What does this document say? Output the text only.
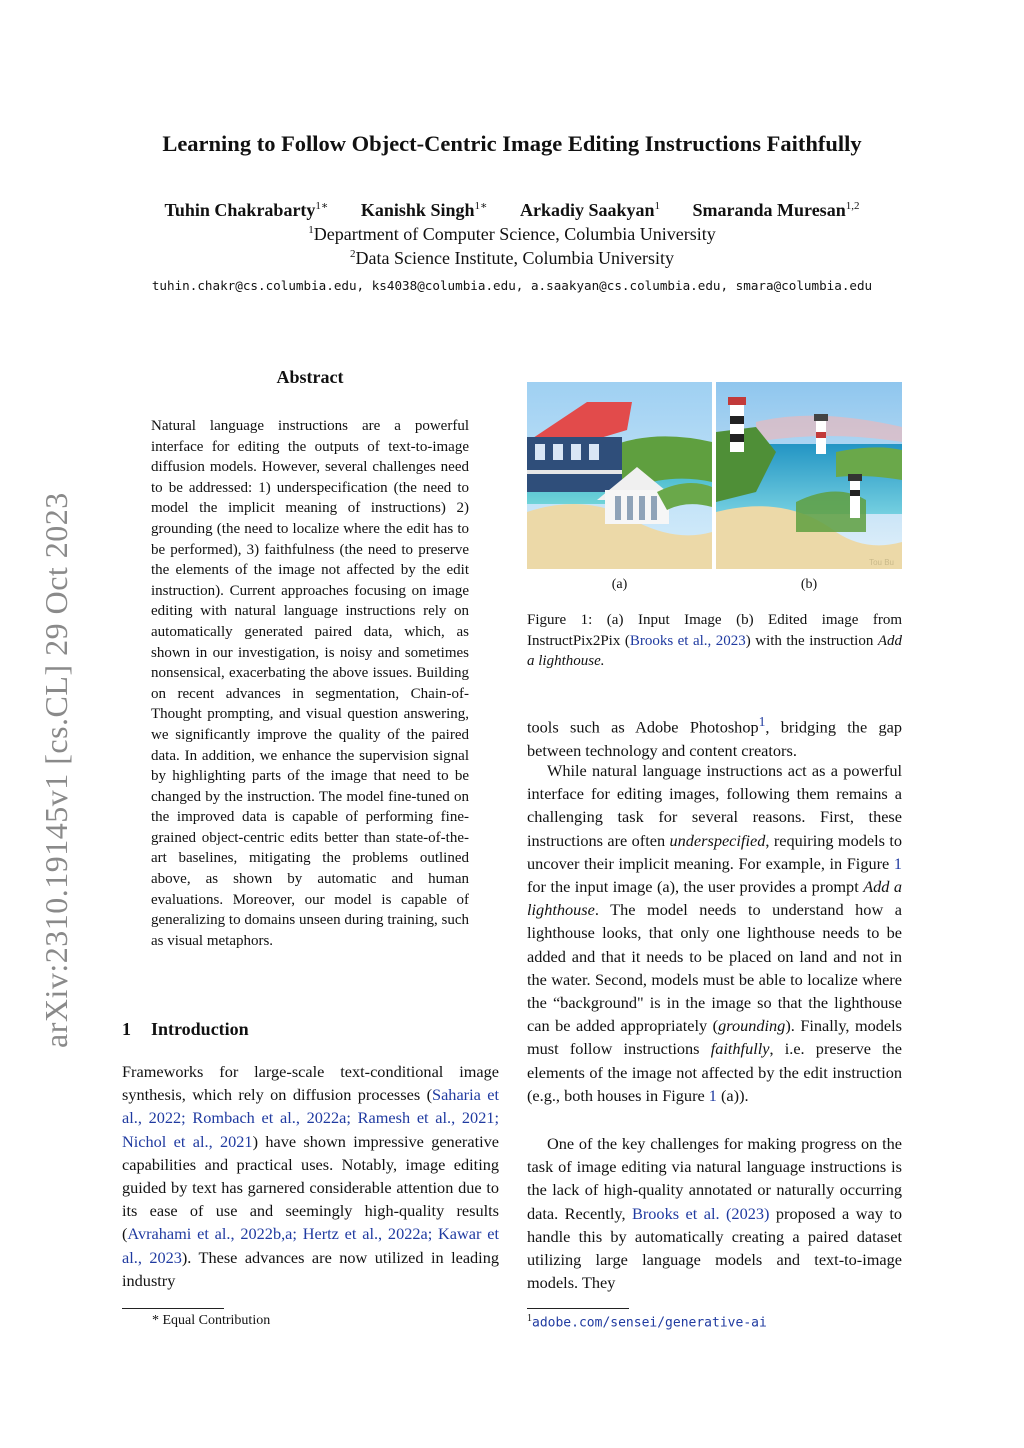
Learning to Follow Object-Centric Image Editing Instructions Faithfully
Tuhin Chakrabarty$^{1∗}$ Kanishk Singh$^{1∗}$ Arkadiy Saakyan$^1$ Smaranda Muresan$^{1,2}$
$^1$Department of Computer Science, Columbia University
$^2$Data Science Institute, Columbia University
tuhin.chakr@cs.columbia.edu, ks4038@columbia.edu, a.saakyan@cs.columbia.edu, smara@columbia.edu
arXiv:2310.19145v1 [cs.CL] 29 Oct 2023
Abstract

Natural language instructions are a powerful interface for editing the outputs of text-to-image diffusion models. However, several challenges need to be addressed: 1) underspecification (the need to model the implicit meaning of instructions) 2) grounding (the need to localize where the edit has to be performed), 3) faithfulness (the need to preserve the elements of the image not affected by the edit instruction). Current approaches focusing on image editing with natural language instructions rely on automatically generated paired data, which, as shown in our investigation, is noisy and sometimes nonsensical, exacerbating the above issues. Building on recent advances in segmentation, Chain-of-Thought prompting, and visual question answering, we significantly improve the quality of the paired data. In addition, we enhance the supervision signal by highlighting parts of the image that need to be changed by the instruction. The model fine-tuned on the improved data is capable of performing fine-grained object-centric edits better than state-of-the-art baselines, mitigating the problems outlined above, as shown by automatic and human evaluations. Moreover, our model is capable of generalizing to domains unseen during training, such as visual metaphors.

1 Introduction

Frameworks for large-scale text-conditional image synthesis, which rely on diffusion processes (Saharia et al., 2022; Rombach et al., 2022a; Ramesh et al., 2021; Nichol et al., 2021) have shown impressive generative capabilities and practical uses. Notably, image editing guided by text has garnered considerable attention due to its ease of use and seemingly high-quality results (Avrahami et al., 2022b,a; Hertz et al., 2022a; Kawar et al., 2023). These advances are now utilized in leading industry

Tou Bu
(a)	(b)

Figure 1: (a) Input Image (b) Edited image from InstructPix2Pix (Brooks et al., 2023) with the instruction Add a lighthouse.

tools such as Adobe Photoshop$^1$, bridging the gap between technology and content creators.

While natural language instructions act as a powerful interface for editing images, following them remains a challenging task for several reasons. First, these instructions are often underspecified, requiring models to uncover their implicit meaning. For example, in Figure 1 for the input image (a), the user provides a prompt Add a lighthouse. The model needs to understand how a lighthouse looks, that only one lighthouse needs to be added and that it needs to be placed on land and not in the water. Second, models must be able to localize where the “background" is in the image so that the lighthouse can be added appropriately (grounding). Finally, models must follow instructions faithfully, i.e. preserve the elements of the image not affected by the edit instruction (e.g., both houses in Figure 1 (a)).

One of the key challenges for making progress on the task of image editing via natural language instructions is the lack of high-quality annotated or naturally occurring data. Recently, Brooks et al. (2023) proposed a way to handle this by automatically creating a paired dataset utilizing large language models and text-to-image models. They

* Equal Contribution	$^1$adobe.com/sensei/generative-ai
